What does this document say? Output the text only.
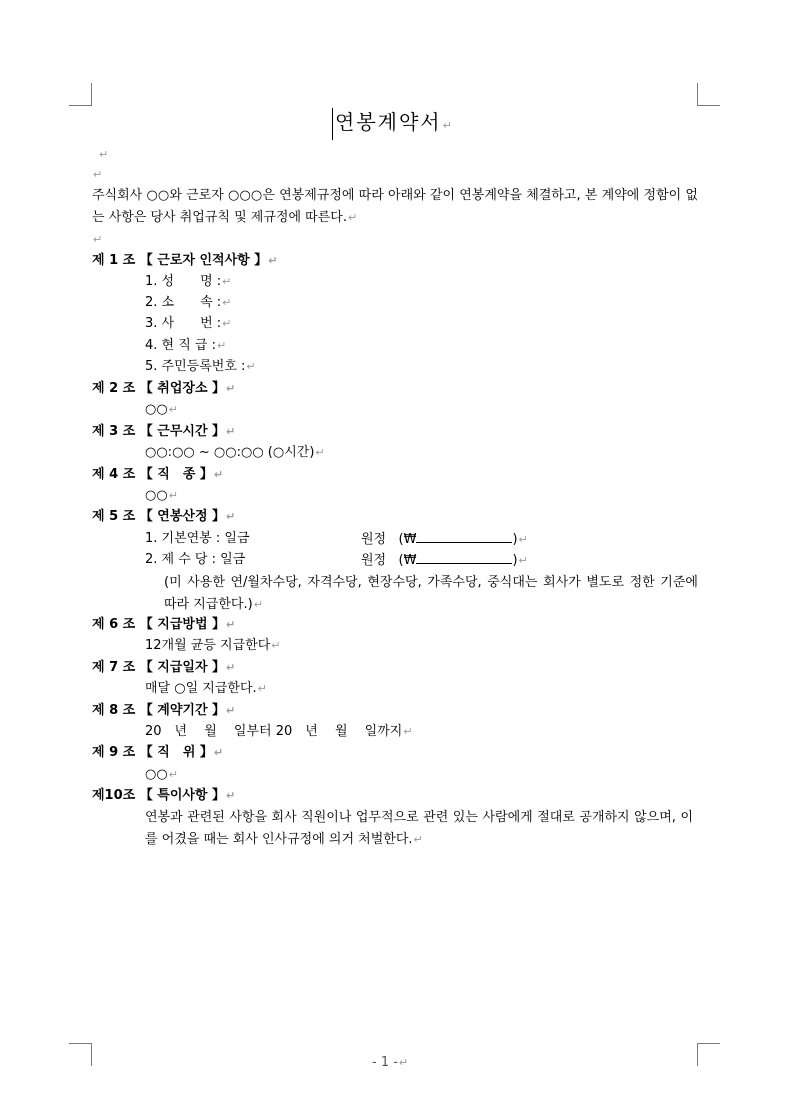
연봉계약서↵
↵
↵
주식회사 ○○와 근로자 ○○○은 연봉제규정에 따라 아래와 같이 연봉계약을 체결하고, 본 계약에 정함이 없는 사항은 당사 취업규칙 및 제규정에 따른다.↵
↵
제 1 조 【 근로자 인적사항 】↵
1. 성　　명 :↵
2. 소　　속 :↵
3. 사　　번 :↵
4. 현 직 급 :↵
5. 주민등록번호 :↵
제 2 조 【 취업장소 】↵
○○↵
제 3 조 【 근무시간 】↵
○○:○○ ~ ○○:○○ (○시간)↵
제 4 조 【 직　종 】↵
○○↵
제 5 조 【 연봉산정 】↵
1. 기본연봉 : 일금	원정 (₩	)↵
2. 제 수 당 : 일금	원정 (₩	)↵
(미 사용한 연/월차수당, 자격수당, 현장수당, 가족수당, 중식대는 회사가 별도로 정한 기준에 따라 지급한다.)↵
제 6 조 【 지급방법 】↵
12개월 균등 지급한다↵
제 7 조 【 지급일자 】↵
매달 ○일 지급한다.↵
제 8 조 【 계약기간 】↵
20　년　 월　 일부터 20　년　 월　 일까지↵
제 9 조 【 직　위 】↵
○○↵
제10조 【 특이사항 】↵
연봉과 관련된 사항을 회사 직원이나 업무적으로 관련 있는 사람에게 절대로 공개하지 않으며, 이를 어겼을 때는 회사 인사규정에 의거 처벌한다.↵
- 1 -↵
